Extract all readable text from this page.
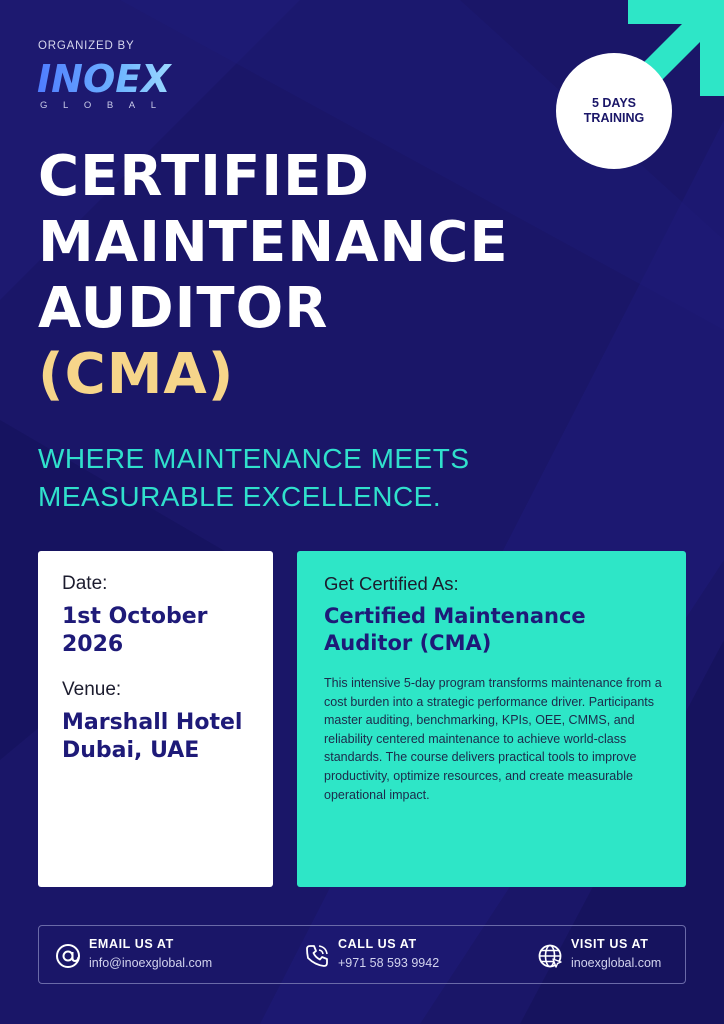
ORGANIZED BY
INOEX
GLOBAL	5 DAYS
TRAINING
CERTIFIED
MAINTENANCE
AUDITOR
(CMA)
WHERE MAINTENANCE MEETS
MEASURABLE EXCELLENCE.
Date:
1st October 2026
Venue:
Marshall Hotel Dubai, UAE
Get Certified As:
Certified Maintenance Auditor (CMA)
This intensive 5-day program transforms maintenance from a cost burden into a strategic performance driver. Participants master auditing, benchmarking, KPIs, OEE, CMMS, and reliability centered maintenance to achieve world-class standards. The course delivers practical tools to improve productivity, optimize resources, and create measurable operational impact.
EMAIL US AT
info@inoexglobal.com
CALL US AT
+971 58 593 9942
VISIT US AT
inoexglobal.com
